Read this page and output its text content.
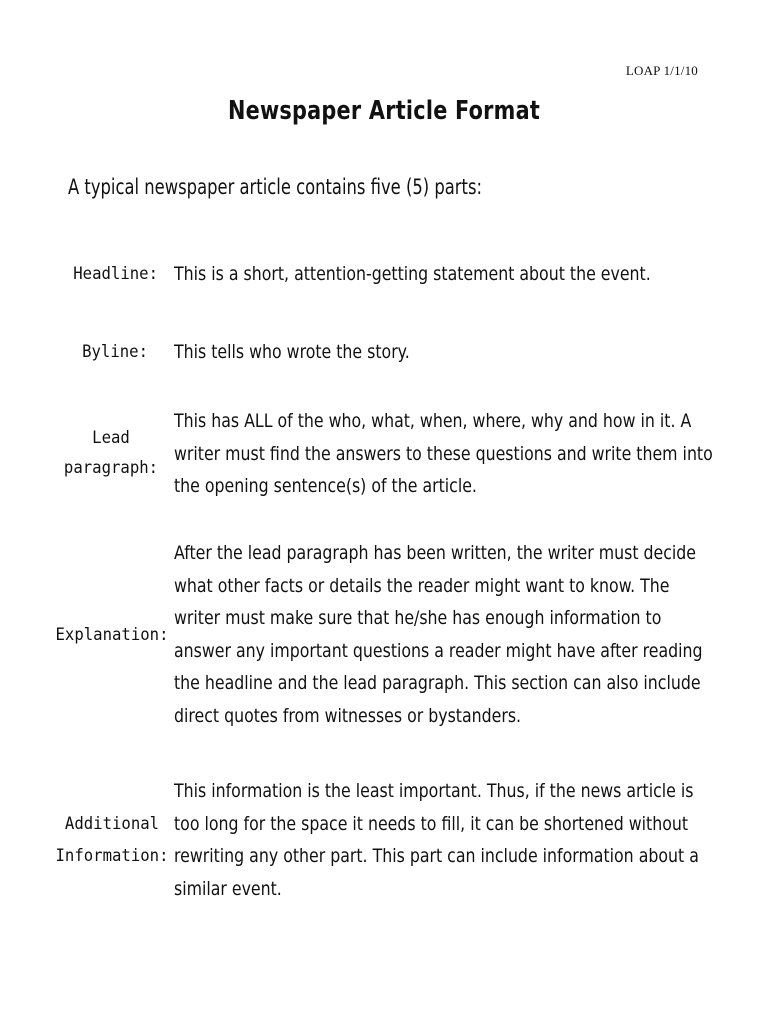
LOAP 1/1/10
Newspaper Article Format
A typical newspaper article contains five (5) parts:
Headline: This is a short, attention-getting statement about the event.
Byline: This tells who wrote the story.
Lead
paragraph:
This has ALL of the who, what, when, where, why and how in it. A writer must find the answers to these questions and write them into the opening sentence(s) of the article.
Explanation:
After the lead paragraph has been written, the writer must decide what other facts or details the reader might want to know. The writer must make sure that he/she has enough information to answer any important questions a reader might have after reading the headline and the lead paragraph. This section can also include direct quotes from witnesses or bystanders.
Additional
Information:
This information is the least important. Thus, if the news article is too long for the space it needs to fill, it can be shortened without rewriting any other part. This part can include information about a similar event.
